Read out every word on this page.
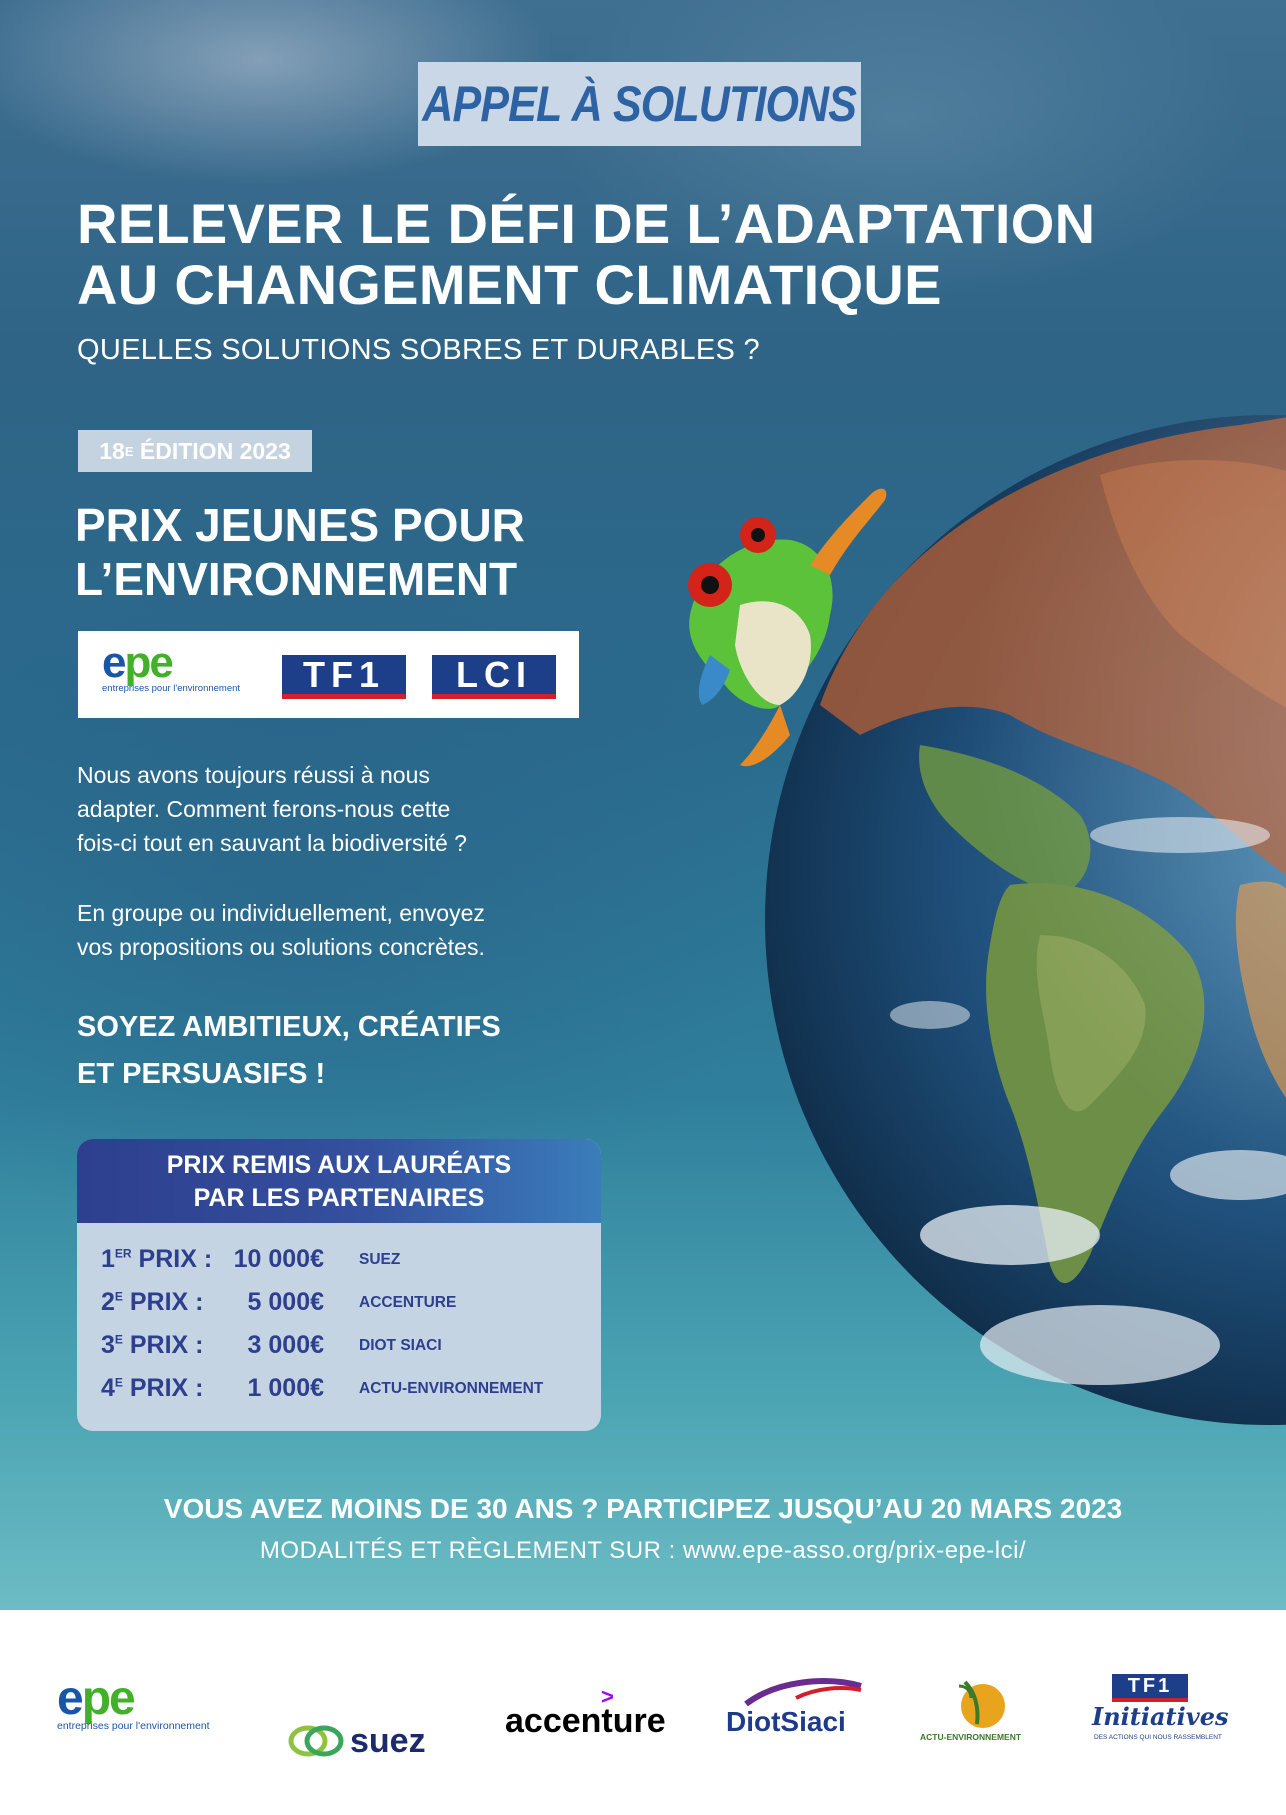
APPEL À SOLUTIONS
RELEVER LE DÉFI DE L’ADAPTATION
AU CHANGEMENT CLIMATIQUE
QUELLES SOLUTIONS SOBRES ET DURABLES ?
18 E ÉDITION 2023
PRIX JEUNES POUR
L’ENVIRONNEMENT
epe
entreprises pour l'environnement TF1 LCI
Nous avons toujours réussi à nous
adapter. Comment ferons-nous cette
fois-ci tout en sauvant la biodiversité ?
En groupe ou individuellement, envoyez
vos propositions ou solutions concrètes.
SOYEZ AMBITIEUX, CRÉATIFS
ET PERSUASIFS !
PRIX REMIS AUX LAURÉATS
PAR LES PARTENAIRES
1ER PRIX : 10 000€ SUEZ
$2^E$ PRIX :	5 000€ ACCENTURE
$3^E$ PRIX :	3 000€ DIOT SIACI
$4^E$ PRIX :	1 000€ ACTU-ENVIRONNEMENT
VOUS AVEZ MOINS DE 30 ANS ? PARTICIPEZ JUSQU’AU 20 MARS 2023
MODALITÉS ET RÈGLEMENT SUR : www.epe-asso.org/prix-epe-lci/
epe
entreprises pour l'environnement	suez
>
accenture DiotSiaci	ACTU-ENVIRONNEMENT
TF1
Initiatives
DES ACTIONS QUI NOUS RASSEMBLENT
